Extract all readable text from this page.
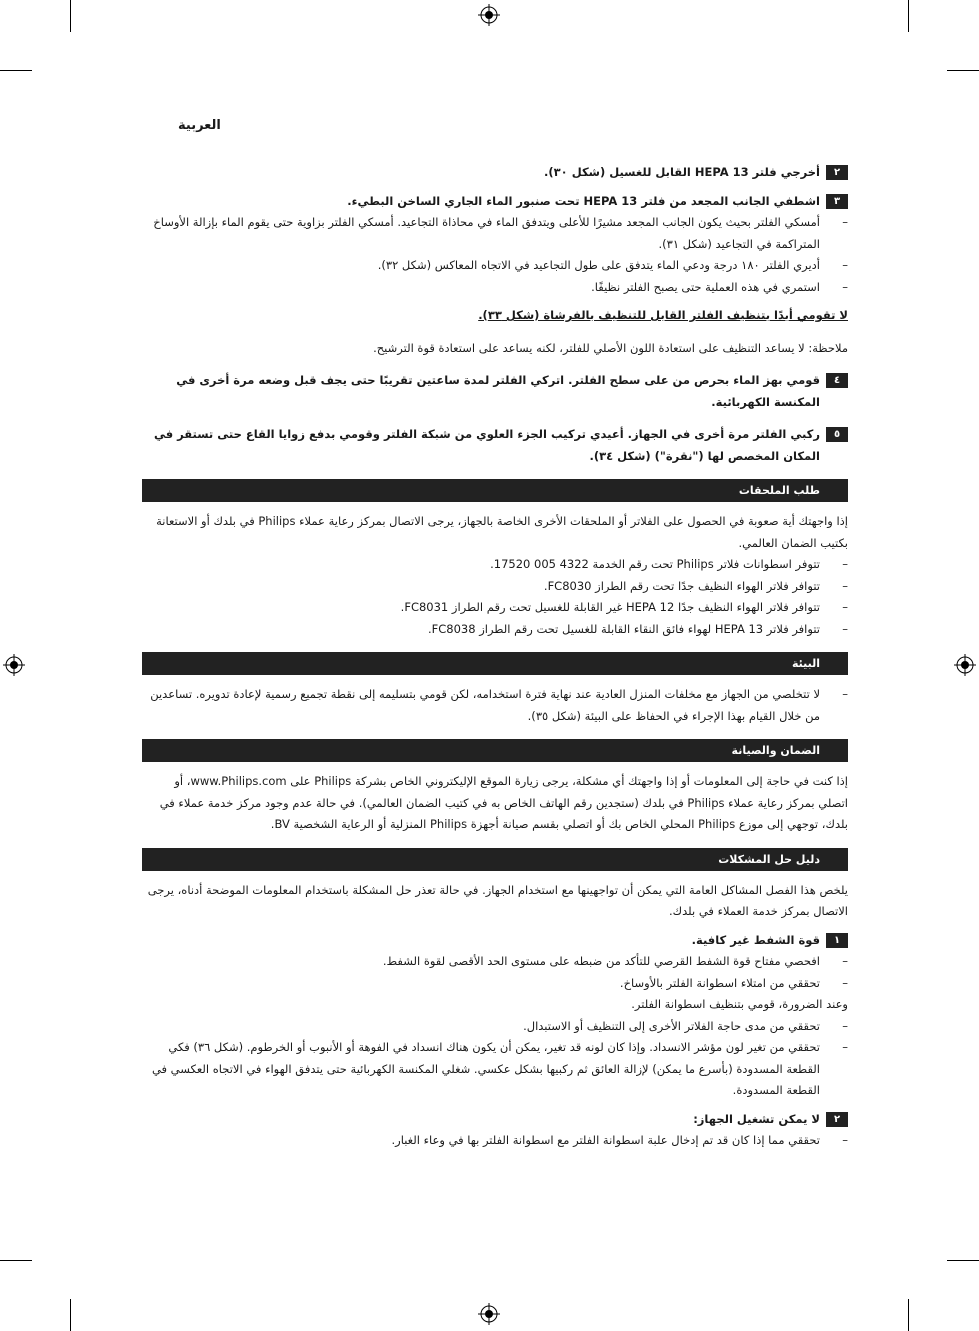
العربية
٢
أخرجي فلتر HEPA 13 القابل للغسيل (شكل ٣٠).
٣
اشطفي الجانب المجعد من فلتر HEPA 13 تحت صنبور الماء الجاري الساخن البطيء.

– أمسكي الفلتر بحيث يكون الجانب المجعد مشيرًا للأعلى ويتدفق الماء في محاذاة التجاعيد. أمسكي الفلتر بزاوية حتى يقوم الماء بإزالة الأوساخ المتراكمة في التجاعيد (شكل ٣١).

– أديري الفلتر ١٨٠ درجة ودعي الماء يتدفق على طول التجاعيد في الاتجاه المعاكس (شكل ٣٢).

– استمري في هذه العملية حتى يصبح الفلتر نظيفًا.

لا تقومي أبدًا بتنظيف الفلتر القابل للتنظيف بالفرشاة (شكل ٣٣).

ملاحظة: لا يساعد التنظيف على استعادة اللون الأصلي للفلتر، لكنه يساعد على استعادة قوة الترشيح.

٤
قومي بهز الماء بحرص من على سطح الفلتر. اتركي الفلتر لمدة ساعتين تقريبًا حتى يجف قبل وضعه مرة أخرى في المكنسة الكهربائية.
٥
ركبي الفلتر مرة أخرى في الجهاز. أعيدي تركيب الجزء العلوي من شبكة الفلتر وقومي بدفع زوايا القاع حتى تستقر في المكان المخصص لها ("نقرة") (شكل ٣٤).
طلب الملحقات

إذا واجهتك أية صعوبة في الحصول على الفلاتر أو الملحقات الأخرى الخاصة بالجهاز، يرجى الاتصال بمركز رعاية عملاء Philips في بلدك أو الاستعانة بكتيب الضمان العالمي.

– تتوفر اسطوانات فلاتر Philips تحت رقم الخدمة 4322 005 17520.

– تتوافر فلاتر الهواء النظيف جدًا تحت رقم الطراز FC8030.

– تتوافر فلاتر الهواء النظيف جدًا HEPA 12 غير القابلة للغسيل تحت رقم الطراز FC8031.

– تتوافر فلاتر HEPA 13 لهواء فائق النقاء القابلة للغسيل تحت رقم الطراز FC8038.

البيئة

– لا تتخلصي من الجهاز مع مخلفات المنزل العادية عند نهاية فترة استخدامه، لكن قومي بتسليمه إلى نقطة تجميع رسمية لإعادة تدويره. تساعدين من خلال القيام بهذا الإجراء في الحفاظ على البيئة (شكل ٣٥).

الضمان والصيانة

إذا كنت في حاجة إلى المعلومات أو إذا واجهتك أي مشكلة، يرجى زيارة الموقع الإليكتروني الخاص بشركة Philips على www.Philips.com، أو اتصلي بمركز رعاية عملاء Philips في بلدك (ستجدين رقم الهاتف الخاص به في كتيب الضمان العالمي). في حالة عدم وجود مركز خدمة عملاء في بلدك، توجهي إلى موزع Philips المحلي الخاص بك أو اتصلي بقسم صيانة أجهزة Philips المنزلية أو الرعاية الشخصية BV.

دليل حل المشكلات

يلخص هذا الفصل المشاكل العامة التي يمكن أن تواجهينها مع استخدام الجهاز. في حالة تعذر حل المشكلة باستخدام المعلومات الموضحة أدناه، يرجى الاتصال بمركز خدمة العملاء في بلدك.

١
قوة الشفط غير كافية.

– افحصي مفتاح قوة الشفط القرصي للتأكد من ضبطه على مستوى الحد الأقصى لقوة الشفط.

– تحققي من امتلاء اسطوانة الفلتر بالأوساخ.

وعند الضرورة، قومي بتنظيف اسطوانة الفلتر.

– تحققي من مدى حاجة الفلاتر الأخرى إلى التنظيف أو الاستبدال.

– تحققي من تغير لون مؤشر الانسداد. وإذا كان لونه قد تغير، يمكن أن يكون هناك انسداد في الفوهة أو الأنبوب أو الخرطوم. (شكل ٣٦) فكي القطعة المسدودة (بأسرع ما يمكن) لإزالة العائق ثم ركبيها بشكل عكسي. شغلي المكنسة الكهربائية حتى يتدفق الهواء في الاتجاه العكسي في القطعة المسدودة.

٢
لا يمكن تشغيل الجهاز:

– تحققي مما إذا كان قد تم إدخال علبة اسطوانة الفلتر مع اسطوانة الفلتر بها في وعاء الغبار.
